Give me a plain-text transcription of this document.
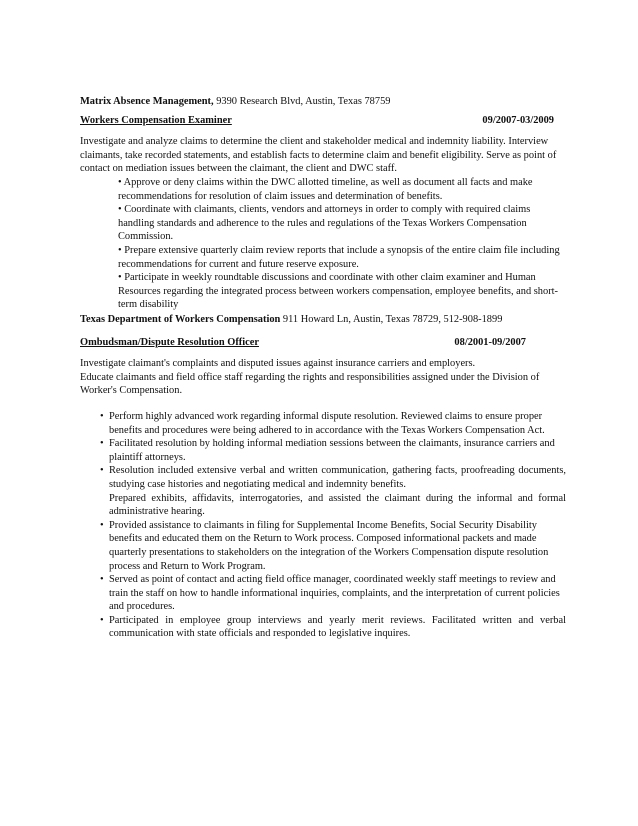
Matrix Absence Management, 9390 Research Blvd, Austin, Texas 78759

Workers Compensation Examiner	09/2007-03/2009

Investigate and analyze claims to determine the client and stakeholder medical and indemnity liability. Interview claimants, take recorded statements, and establish facts to determine claim and benefit eligibility. Serve as point of contact on mediation issues between the claimant, the client and DWC staff.

• Approve or deny claims within the DWC allotted timeline, as well as document all facts and make recommendations for resolution of claim issues and determination of benefits.
• Coordinate with claimants, clients, vendors and attorneys in order to comply with required claims handling standards and adherence to the rules and regulations of the Texas Workers Compensation Commission.
• Prepare extensive quarterly claim review reports that include a synopsis of the entire claim file including recommendations for current and future reserve exposure.
• Participate in weekly roundtable discussions and coordinate with other claim examiner and Human Resources regarding the integrated process between workers compensation, employee benefits, and short-term disability

Texas Department of Workers Compensation 911 Howard Ln, Austin, Texas 78729, 512-908-1899

Ombudsman/Dispute Resolution Officer	08/2001-09/2007

Investigate claimant's complaints and disputed issues against insurance carriers and employers.

Educate claimants and field office staff regarding the rights and responsibilities assigned under the Division of Worker's Compensation.

• Perform highly advanced work regarding informal dispute resolution. Reviewed claims to ensure proper benefits and procedures were being adhered to in accordance with the Texas Workers Compensation Act.
• Facilitated resolution by holding informal mediation sessions between the claimants, insurance carriers and plaintiff attorneys.
• Resolution included extensive verbal and written communication, gathering facts, proofreading documents, studying case histories and negotiating medical and indemnity benefits.
Prepared exhibits, affidavits, interrogatories, and assisted the claimant during the informal and formal administrative hearing.
• Provided assistance to claimants in filing for Supplemental Income Benefits, Social Security Disability benefits and educated them on the Return to Work process. Composed informational packets and made quarterly presentations to stakeholders on the integration of the Workers Compensation dispute resolution process and Return to Work Program.
• Served as point of contact and acting field office manager, coordinated weekly staff meetings to review and train the staff on how to handle informational inquiries, complaints, and the interpretation of current policies and procedures.
• Participated in employee group interviews and yearly merit reviews. Facilitated written and verbal communication with state officials and responded to legislative inquires.
